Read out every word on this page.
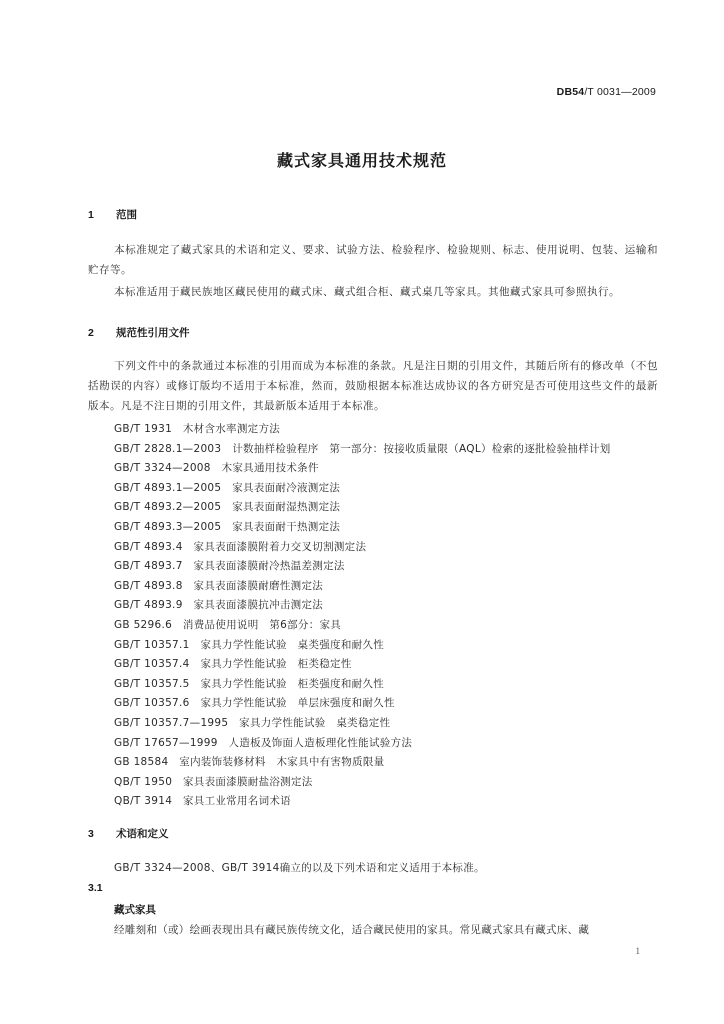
DB54/T 0031—2009
藏式家具通用技术规范
1 范围
本标准规定了藏式家具的术语和定义、要求、试验方法、检验程序、检验规则、标志、使用说明、包装、运输和贮存等。
本标准适用于藏民族地区藏民使用的藏式床、藏式组合柜、藏式桌几等家具。其他藏式家具可参照执行。
2 规范性引用文件
下列文件中的条款通过本标准的引用而成为本标准的条款。凡是注日期的引用文件，其随后所有的修改单（不包括勘误的内容）或修订版均不适用于本标准，然而，鼓励根据本标准达成协议的各方研究是否可使用这些文件的最新版本。凡是不注日期的引用文件，其最新版本适用于本标准。
GB/T 1931　木材含水率测定方法
GB/T 2828.1—2003　计数抽样检验程序　第一部分：按接收质量限（AQL）检索的逐批检验抽样计划
GB/T 3324—2008　木家具通用技术条件
GB/T 4893.1—2005　家具表面耐冷液测定法
GB/T 4893.2—2005　家具表面耐湿热测定法
GB/T 4893.3—2005　家具表面耐干热测定法
GB/T 4893.4　家具表面漆膜附着力交叉切割测定法
GB/T 4893.7　家具表面漆膜耐冷热温差测定法
GB/T 4893.8　家具表面漆膜耐磨性测定法
GB/T 4893.9　家具表面漆膜抗冲击测定法
GB 5296.6　消费品使用说明　第6部分：家具
GB/T 10357.1　家具力学性能试验　桌类强度和耐久性
GB/T 10357.4　家具力学性能试验　柜类稳定性
GB/T 10357.5　家具力学性能试验　柜类强度和耐久性
GB/T 10357.6　家具力学性能试验　单层床强度和耐久性
GB/T 10357.7—1995　家具力学性能试验　桌类稳定性
GB/T 17657—1999　人造板及饰面人造板理化性能试验方法
GB 18584　室内装饰装修材料　木家具中有害物质限量
QB/T 1950　家具表面漆膜耐盐浴测定法
QB/T 3914　家具工业常用名词术语
3 术语和定义
GB/T 3324—2008、GB/T 3914确立的以及下列术语和定义适用于本标准。
3.1
藏式家具
经雕刻和（或）绘画表现出具有藏民族传统文化，适合藏民使用的家具。常见藏式家具有藏式床、藏
1
